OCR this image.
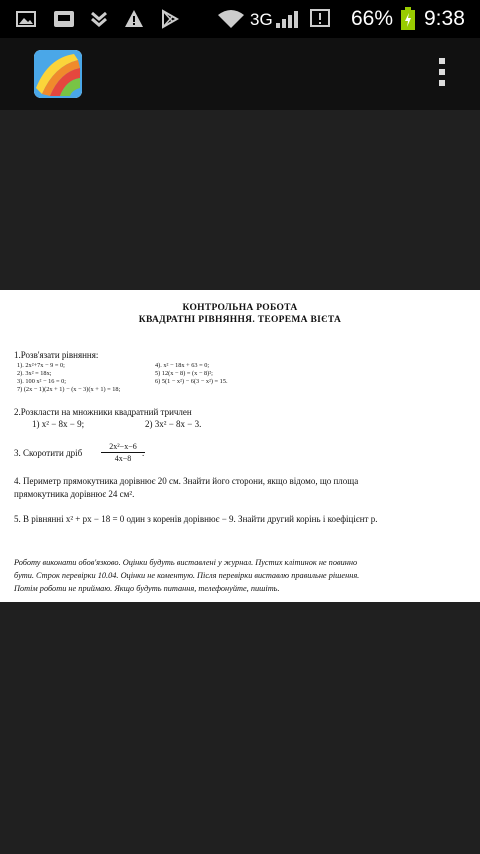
3G	66% 9:38
КОНТРОЛЬНА РОБОТА
КВАДРАТНІ РІВНЯННЯ. ТЕОРЕМА ВІЄТА
1.Розв'язати рівняння:
1). 2x²+7x − 9 = 0;
2). 3x² = 18x;
3). 100 x² − 16 = 0;
7) (2x − 1)(2x + 1) − (x − 3)(x + 1) = 18;
4). x² − 18x + 63 = 0;
5) 12(x − 8) = (x − 8)²;
6) 5(1 − x²) − 6(3 − x²) = 15.
2.Розкласти на множники квадратний тричлен
1) x² − 8x − 9;	2) 3x² − 8x − 3.
3. Скоротити дріб $\frac{\text{2x²−x−6}}{4x-8}$
.
4. Периметр прямокутника дорівнює 20 см. Знайти його сторони, якщо відомо, що площа
прямокутника дорівнює 24 см².
5. В рівнянні x² + px − 18 = 0 один з коренів дорівнює − 9. Знайти другий корінь і коефіцієнт p.
Роботу виконати обов'язково. Оцінки будуть виставлені у журнал. Пустих клітинок не повинно
бути. Строк перевірки 10.04. Оцінки не коментую. Після перевірки виставлю правильне рішення.
Потім роботи не приймаю. Якщо будуть питання, телефонуйте, пишіть.
